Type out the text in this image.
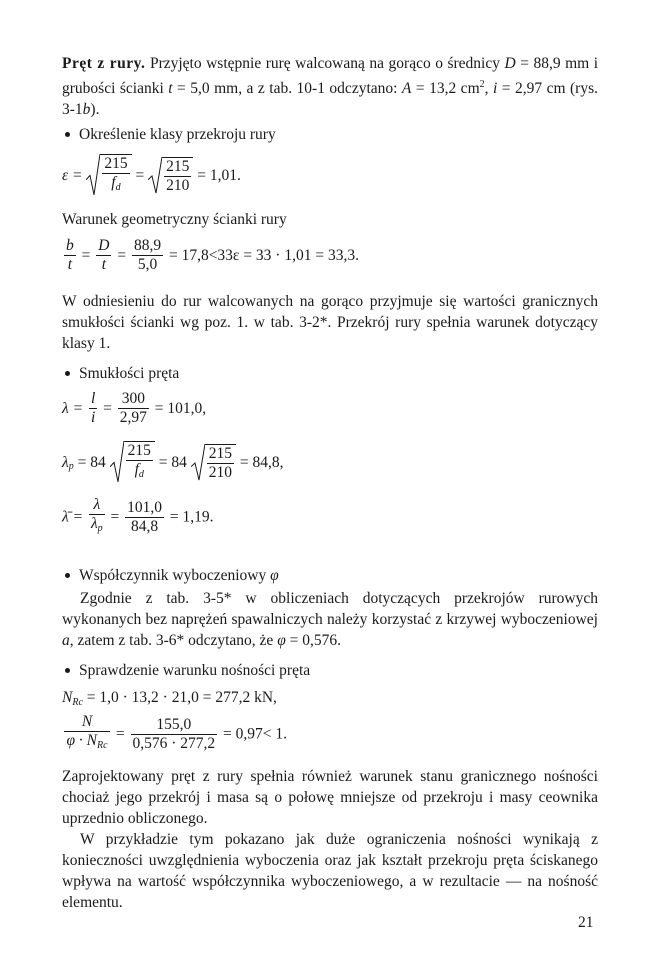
Pręt z rury. Przyjęto wstępnie rurę walcowaną na gorąco o średnicy D = 88,9 mm i grubości ścianki t = 5,0 mm, a z tab. 10-1 odczytano: A = 13,2 $cm^2$, i = 2,97 cm (rys. 3-1b).

Określenie klasy przekroju rury

$\varepsilon = \frac{215}{f_d} = \frac{215}{210} = 1,01$.

Warunek geometryczny ścianki rury

$\frac{b}{t} = \frac{D}{t} = \frac{88,9}{5,0} = 17,8<33\varepsilon = 33 \cdot 1,01 = 33,3$.

W odniesieniu do rur walcowanych na gorąco przyjmuje się wartości granicznych smukłości ścianki wg poz. 1. w tab. 3-2*. Przekrój rury spełnia warunek dotyczący klasy 1.

Smukłości pręta

$\lambda = \frac{l}{i} = \frac{300}{2,97} = 101,0$,
$\lambda_p = 84 \frac{215}{f_d} = 84 \frac{215}{210} = 84,8$,
λ̄ = $\frac{\lambda}{\lambda_p} = \frac{101,0}{84,8} = 1,19$.

Współczynnik wyboczeniowy φ

Zgodnie z tab. 3-5* w obliczeniach dotyczących przekrojów rurowych wykonanych bez naprężeń spawalniczych należy korzystać z krzywej wyboczeniowej a, zatem z tab. 3-6* odczytano, że φ = 0,576.

Sprawdzenie warunku nośności pręta

$N_{Rc} = 1,0 \cdot 13,2 \cdot 21,0 = 277,2$ kN,
$\frac{N}{\varphi \cdot N_{Rc}} = \frac{155,0}{0,576 \cdot 277,2} = 0,97< 1$.

Zaprojektowany pręt z rury spełnia również warunek stanu granicznego nośności chociaż jego przekrój i masa są o połowę mniejsze od przekroju i masy ceownika uprzednio obliczonego.

W przykładzie tym pokazano jak duże ograniczenia nośności wynikają z konieczności uwzględnienia wyboczenia oraz jak kształt przekroju pręta ściskanego wpływa na wartość współczynnika wyboczeniowego, a w rezultacie — na nośność elementu.

21
